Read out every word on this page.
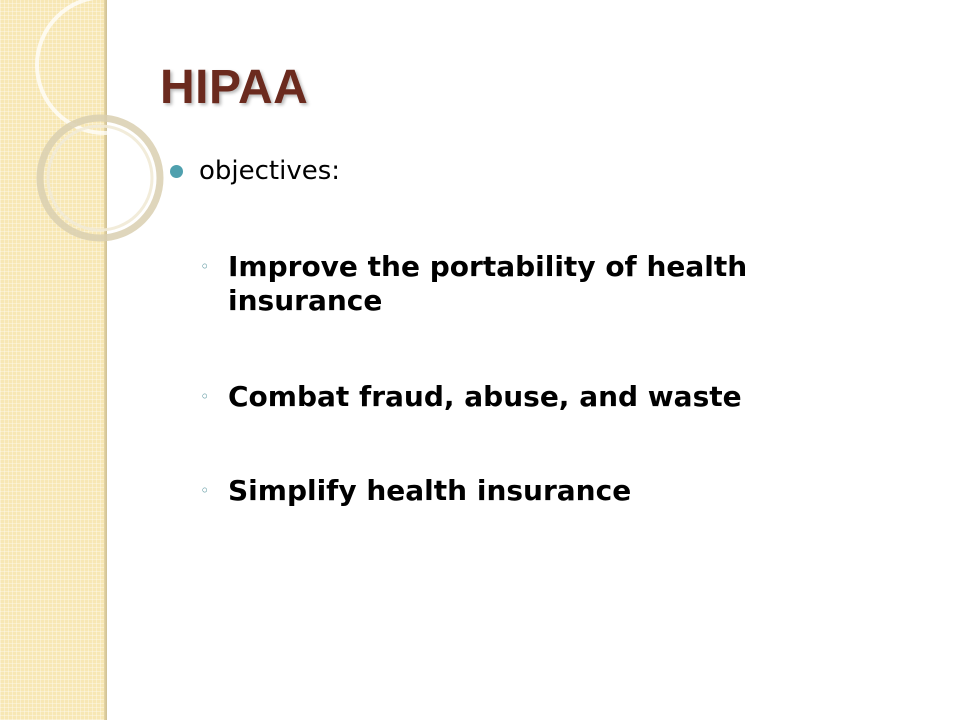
HIPAA
objectives:
◦ Improve the portability of health insurance
◦ Combat fraud, abuse, and waste
◦ Simplify health insurance
